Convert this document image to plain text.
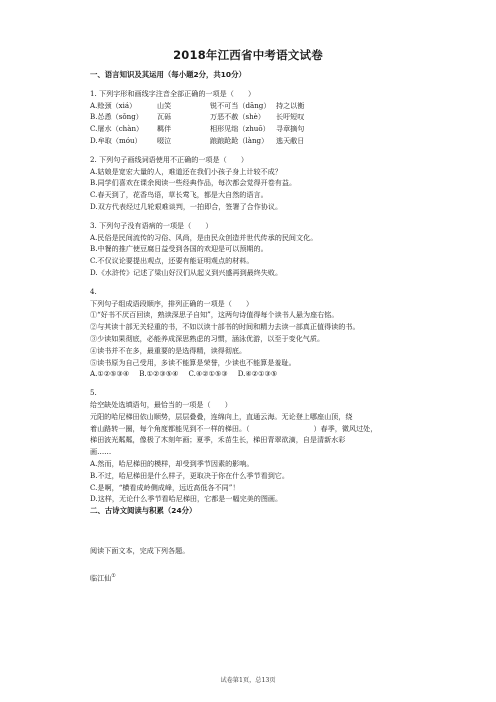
2018年江西省中考语文试卷
一、语言知识及其运用（每小题2分，共10分）
1. 下列字形和画线字注音全部正确的一项是（　　）
A.赊颈（xiá）	山笑	锐不可当（dāng） 持之以衡
B.怂恿（sǒng）	瓦砾	万恶不赦（shè）	长吁短叹
C.屠水（chàn）	羁伴	相形见绌（zhuō） 寻章摘句
D.牟取（móu）	啜泣	踉踉跄跄（làng）	逃天敝日
2. 下列句子画线词语使用不正确的一项是（　　）
A.姑娘是宽宏大量的人，难道还在我们小孩子身上计较不成？
B.同学们喜欢在课余阅读一些经典作品，每次都会觉得开卷有益。
C.春天到了，花香鸟语，草长莺飞，都是大自然的语言。
D.双方代表经过几轮艰难谈判，一拍即合，签署了合作协议。
3. 下列句子没有语病的一项是（　　）
A.民俗是民间流传的习俗、风尚，是由民众创造并世代传承的民间文化。
B.中餐的推广使豆腐日益受到各国的欢迎是可以预期的。
C.不仅议论要提出观点，还要有能证明观点的材料。
D.《水浒传》记述了梁山好汉们从起义到兴盛再到最终失败。
4.
下列句子组成语段顺序，排列正确的一项是（　　）
①“好书不厌百回读，熟读深思子自知”，这两句诗值得每个读书人悬为座右铭。
②与其读十部无关轻重的书，不如以读十部书的时间和精力去读一部真正值得读的书。
③少读如果彻底，必能养成深思熟虑的习惯，涵泳优游，以至于变化气质。
④读书并不在多，最重要的是选得精，读得彻底。
⑤读书原为自己受用，多读不能算是荣誉，少读也不能算是羞耻。
A.①②⑤③④ B.①②③⑤④ C.④②①⑤③ D.④②①③⑤
5.
给空缺处选填语句，最恰当的一项是（　　）
元阳的哈尼梯田依山顺势，层层叠叠，连绵向上，直通云海。无论登上哪座山顶，绕
着山路转一圈，每个角度都能见到不一样的梯田。（　　　　　　　　　）春季，微风过处，
梯田波光粼粼，像极了木刻年画；夏季，禾苗生长，梯田青翠欲滴，自是清新水彩
画……
A.然而，哈尼梯田的模样，却受到季节因素的影响。
B.不过，哈尼梯田是什么样子，更取决于你在什么季节看到它。
C.是啊，“横看成岭侧成峰，远近高低各不同”！
D.这样，无论什么季节看哈尼梯田，它都是一幅完美的图画。
二、古诗文阅读与积累（24分）
阅读下面文本，完成下列各题。
临江仙①
试卷第1页，总13页
